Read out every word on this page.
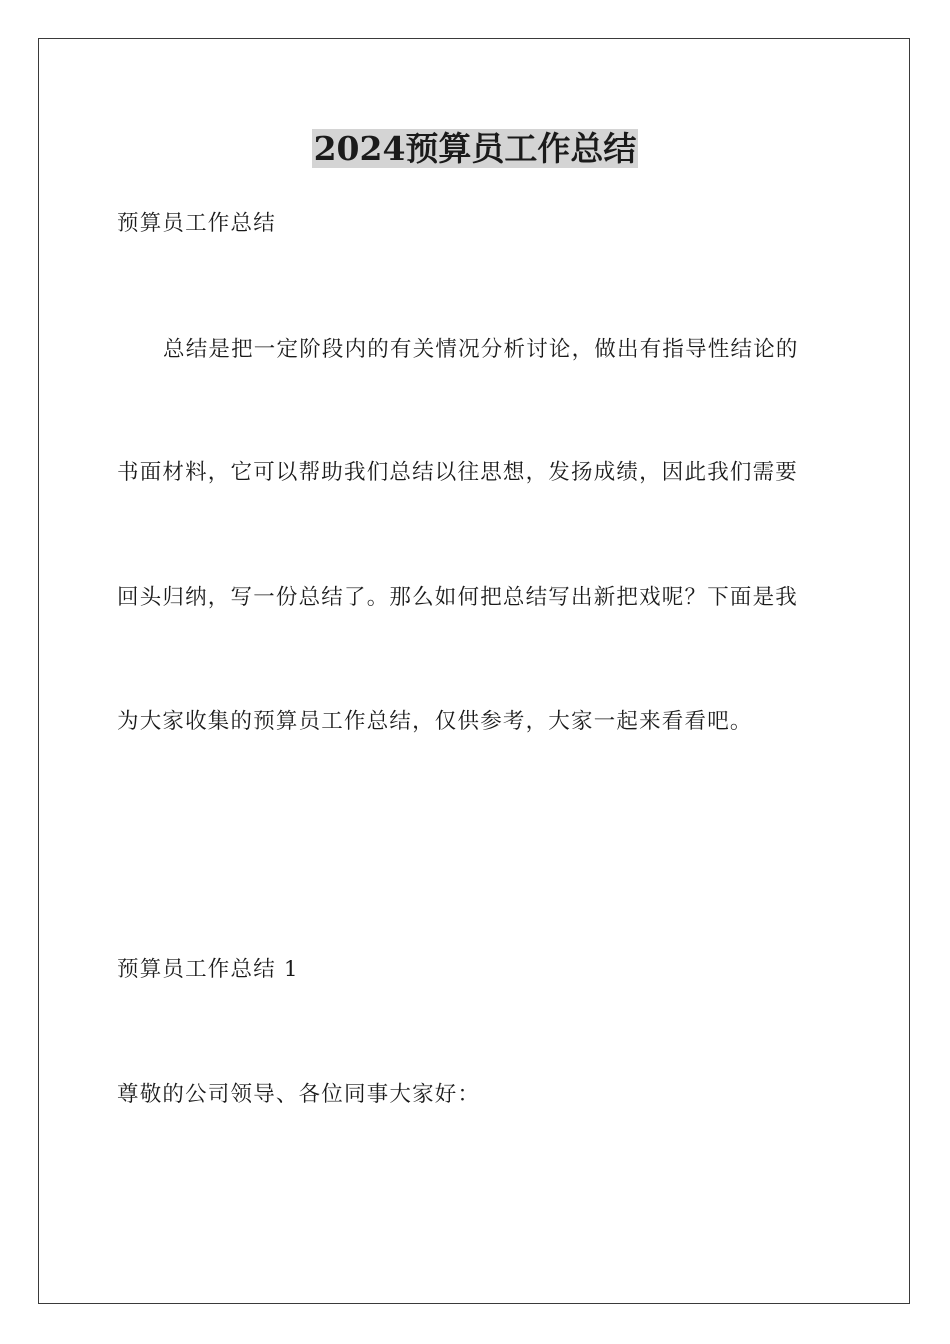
2024预算员工作总结

预算员工作总结

总结是把一定阶段内的有关情况分析讨论，做出有指导性结论的

书面材料，它可以帮助我们总结以往思想，发扬成绩，因此我们需要

回头归纳，写一份总结了。那么如何把总结写出新把戏呢？下面是我

为大家收集的预算员工作总结，仅供参考，大家一起来看看吧。

预算员工作总结 1

尊敬的公司领导、各位同事大家好：
